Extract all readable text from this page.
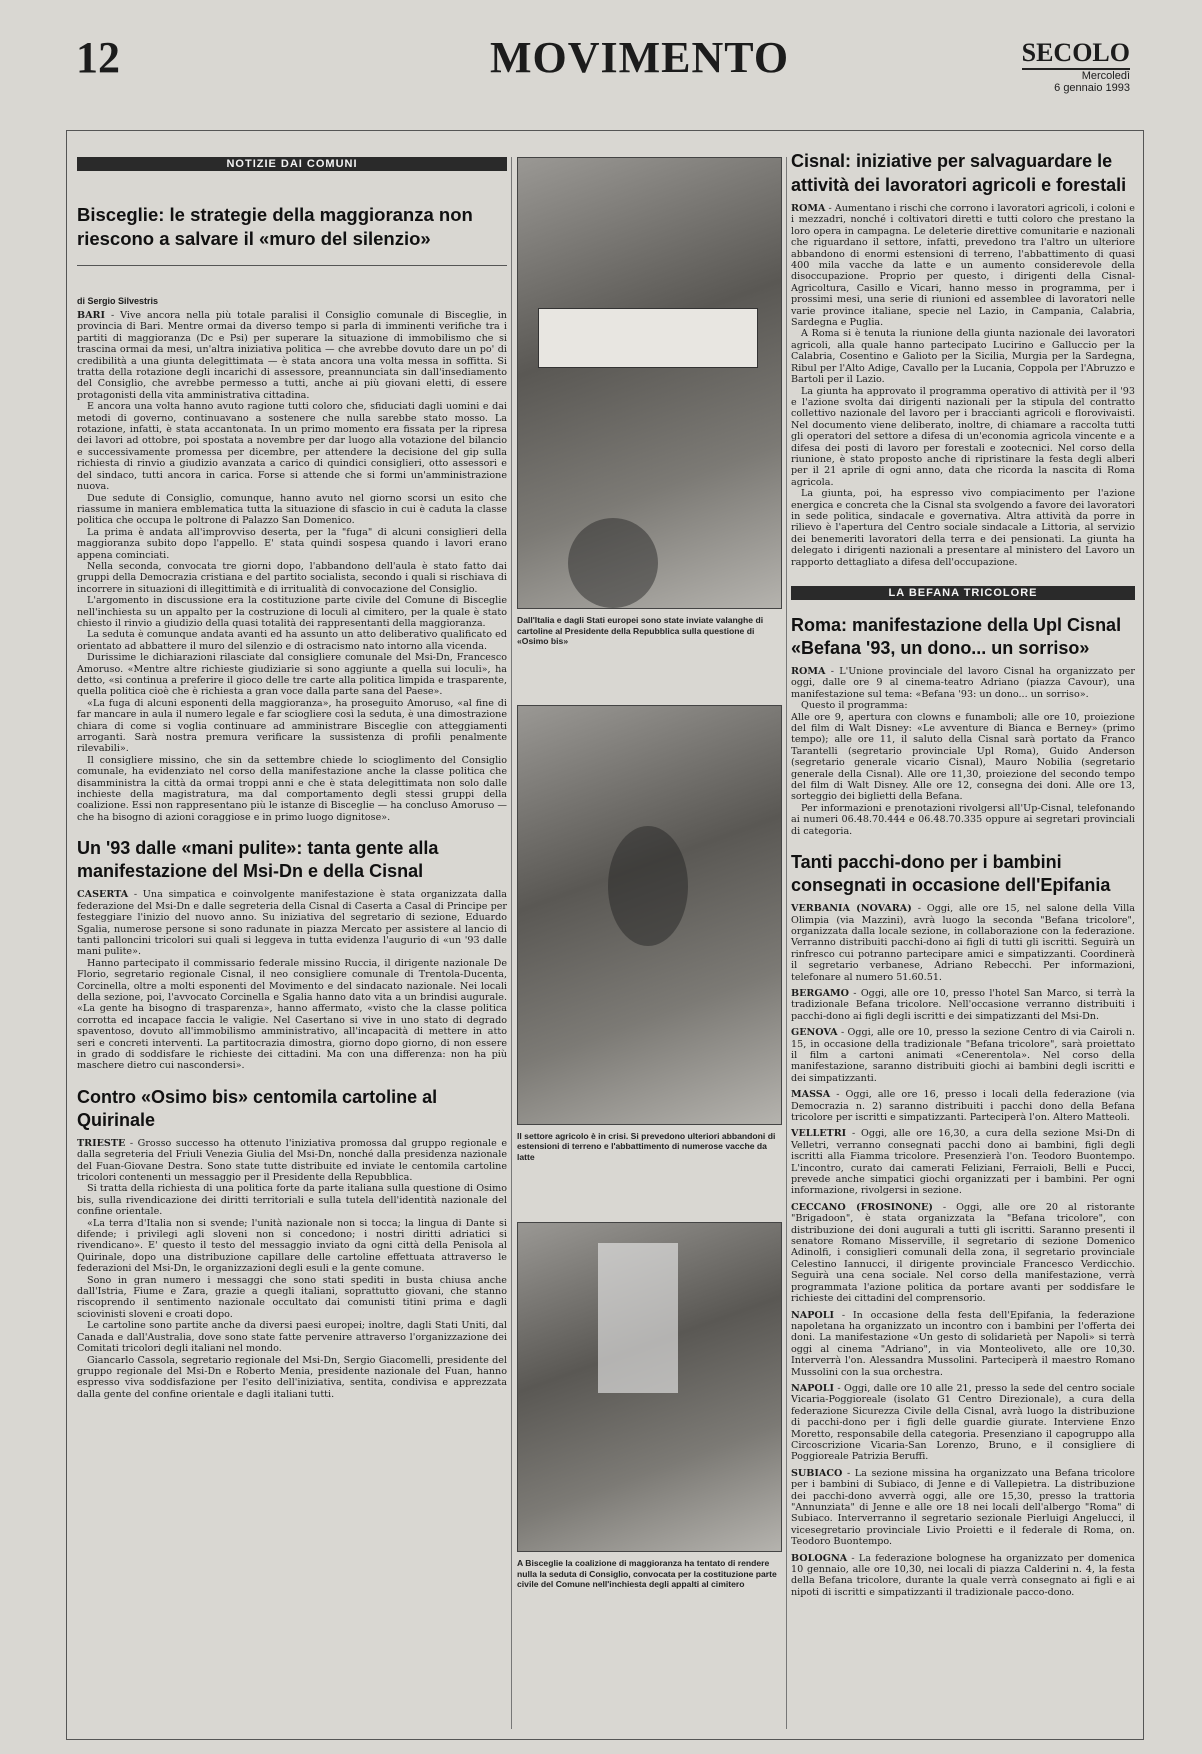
12	MOVIMENTO	SECOLO
Mercoledì
6 gennaio 1993
NOTIZIE DAI COMUNI
Bisceglie: le strategie della maggioranza non riescono a salvare il «muro del silenzio»
di Sergio Silvestris

BARI - Vive ancora nella più totale paralisi il Consiglio comunale di Bisceglie, in provincia di Bari. Mentre ormai da diverso tempo si parla di imminenti verifiche tra i partiti di maggioranza (Dc e Psi) per superare la situazione di immobilismo che si trascina ormai da mesi, un'altra iniziativa politica — che avrebbe dovuto dare un po' di credibilità a una giunta delegittimata — è stata ancora una volta messa in soffitta. Si tratta della rotazione degli incarichi di assessore, preannunciata sin dall'insediamento del Consiglio, che avrebbe permesso a tutti, anche ai più giovani eletti, di essere protagonisti della vita amministrativa cittadina.

E ancora una volta hanno avuto ragione tutti coloro che, sfiduciati dagli uomini e dai metodi di governo, continuavano a sostenere che nulla sarebbe stato mosso. La rotazione, infatti, è stata accantonata. In un primo momento era fissata per la ripresa dei lavori ad ottobre, poi spostata a novembre per dar luogo alla votazione del bilancio e successivamente promessa per dicembre, per attendere la decisione del gip sulla richiesta di rinvio a giudizio avanzata a carico di quindici consiglieri, otto assessori e del sindaco, tutti ancora in carica. Forse si attende che si formi un'amministrazione nuova.

Due sedute di Consiglio, comunque, hanno avuto nel giorno scorsi un esito che riassume in maniera emblematica tutta la situazione di sfascio in cui è caduta la classe politica che occupa le poltrone di Palazzo San Domenico.

La prima è andata all'improvviso deserta, per la "fuga" di alcuni consiglieri della maggioranza subito dopo l'appello. E' stata quindi sospesa quando i lavori erano appena cominciati.

Nella seconda, convocata tre giorni dopo, l'abbandono dell'aula è stato fatto dai gruppi della Democrazia cristiana e del partito socialista, secondo i quali si rischiava di incorrere in situazioni di illegittimità e di irritualità di convocazione del Consiglio.

L'argomento in discussione era la costituzione parte civile del Comune di Bisceglie nell'inchiesta su un appalto per la costruzione di loculi al cimitero, per la quale è stato chiesto il rinvio a giudizio della quasi totalità dei rappresentanti della maggioranza.

La seduta è comunque andata avanti ed ha assunto un atto deliberativo qualificato ed orientato ad abbattere il muro del silenzio e di ostracismo nato intorno alla vicenda.

Durissime le dichiarazioni rilasciate dal consigliere comunale del Msi-Dn, Francesco Amoruso. «Mentre altre richieste giudiziarie si sono aggiunte a quella sui loculi», ha detto, «si continua a preferire il gioco delle tre carte alla politica limpida e trasparente, quella politica cioè che è richiesta a gran voce dalla parte sana del Paese».

«La fuga di alcuni esponenti della maggioranza», ha proseguito Amoruso, «al fine di far mancare in aula il numero legale e far sciogliere così la seduta, è una dimostrazione chiara di come si voglia continuare ad amministrare Bisceglie con atteggiamenti arroganti. Sarà nostra premura verificare la sussistenza di profili penalmente rilevabili».

Il consigliere missino, che sin da settembre chiede lo scioglimento del Consiglio comunale, ha evidenziato nel corso della manifestazione anche la classe politica che disamministra la città da ormai troppi anni e che è stata delegittimata non solo dalle inchieste della magistratura, ma dal comportamento degli stessi gruppi della coalizione. Essi non rappresentano più le istanze di Bisceglie — ha concluso Amoruso — che ha bisogno di azioni coraggiose e in primo luogo dignitose».

Un '93 dalle «mani pulite»: tanta gente alla manifestazione del Msi-Dn e della Cisnal

CASERTA - Una simpatica e coinvolgente manifestazione è stata organizzata dalla federazione del Msi-Dn e dalle segreteria della Cisnal di Caserta a Casal di Principe per festeggiare l'inizio del nuovo anno. Su iniziativa del segretario di sezione, Eduardo Sgalia, numerose persone si sono radunate in piazza Mercato per assistere al lancio di tanti palloncini tricolori sui quali si leggeva in tutta evidenza l'augurio di «un '93 dalle mani pulite».

Hanno partecipato il commissario federale missino Ruccia, il dirigente nazionale De Florio, segretario regionale Cisnal, il neo consigliere comunale di Trentola-Ducenta, Corcinella, oltre a molti esponenti del Movimento e del sindacato nazionale. Nei locali della sezione, poi, l'avvocato Corcinella e Sgalia hanno dato vita a un brindisi augurale. «La gente ha bisogno di trasparenza», hanno affermato, «visto che la classe politica corrotta ed incapace faccia le valigie. Nel Casertano si vive in uno stato di degrado spaventoso, dovuto all'immobilismo amministrativo, all'incapacità di mettere in atto seri e concreti interventi. La partitocrazia dimostra, giorno dopo giorno, di non essere in grado di soddisfare le richieste dei cittadini. Ma con una differenza: non ha più maschere dietro cui nascondersi».

Contro «Osimo bis» centomila cartoline al Quirinale

TRIESTE - Grosso successo ha ottenuto l'iniziativa promossa dal gruppo regionale e dalla segreteria del Friuli Venezia Giulia del Msi-Dn, nonché dalla presidenza nazionale del Fuan-Giovane Destra. Sono state tutte distribuite ed inviate le centomila cartoline tricolori contenenti un messaggio per il Presidente della Repubblica.

Si tratta della richiesta di una politica forte da parte italiana sulla questione di Osimo bis, sulla rivendicazione dei diritti territoriali e sulla tutela dell'identità nazionale del confine orientale.

«La terra d'Italia non si svende; l'unità nazionale non si tocca; la lingua di Dante si difende; i privilegi agli sloveni non si concedono; i nostri diritti adriatici si rivendicano». E' questo il testo del messaggio inviato da ogni città della Penisola al Quirinale, dopo una distribuzione capillare delle cartoline effettuata attraverso le federazioni del Msi-Dn, le organizzazioni degli esuli e la gente comune.

Sono in gran numero i messaggi che sono stati spediti in busta chiusa anche dall'Istria, Fiume e Zara, grazie a quegli italiani, soprattutto giovani, che stanno riscoprendo il sentimento nazionale occultato dai comunisti titini prima e dagli sciovinisti sloveni e croati dopo.

Le cartoline sono partite anche da diversi paesi europei; inoltre, dagli Stati Uniti, dal Canada e dall'Australia, dove sono state fatte pervenire attraverso l'organizzazione dei Comitati tricolori degli italiani nel mondo.

Giancarlo Cassola, segretario regionale del Msi-Dn, Sergio Giacomelli, presidente del gruppo regionale del Msi-Dn e Roberto Menia, presidente nazionale del Fuan, hanno espresso viva soddisfazione per l'esito dell'iniziativa, sentita, condivisa e apprezzata dalla gente del confine orientale e dagli italiani tutti.

Dall'Italia e dagli Stati europei sono state inviate valanghe di cartoline al Presidente della Repubblica sulla questione di «Osimo bis»
Il settore agricolo è in crisi. Si prevedono ulteriori abbandoni di estensioni di terreno e l'abbattimento di numerose vacche da latte
A Bisceglie la coalizione di maggioranza ha tentato di rendere nulla la seduta di Consiglio, convocata per la costituzione parte civile del Comune nell'inchiesta degli appalti al cimitero
Cisnal: iniziative per salvaguardare le attività dei lavoratori agricoli e forestali

ROMA - Aumentano i rischi che corrono i lavoratori agricoli, i coloni e i mezzadri, nonché i coltivatori diretti e tutti coloro che prestano la loro opera in campagna. Le deleterie direttive comunitarie e nazionali che riguardano il settore, infatti, prevedono tra l'altro un ulteriore abbandono di enormi estensioni di terreno, l'abbattimento di quasi 400 mila vacche da latte e un aumento considerevole della disoccupazione. Proprio per questo, i dirigenti della Cisnal-Agricoltura, Casillo e Vicari, hanno messo in programma, per i prossimi mesi, una serie di riunioni ed assemblee di lavoratori nelle varie province italiane, specie nel Lazio, in Campania, Calabria, Sardegna e Puglia.

A Roma si è tenuta la riunione della giunta nazionale dei lavoratori agricoli, alla quale hanno partecipato Lucirino e Galluccio per la Calabria, Cosentino e Galioto per la Sicilia, Murgia per la Sardegna, Ribul per l'Alto Adige, Cavallo per la Lucania, Coppola per l'Abruzzo e Bartoli per il Lazio.

La giunta ha approvato il programma operativo di attività per il '93 e l'azione svolta dai dirigenti nazionali per la stipula del contratto collettivo nazionale del lavoro per i braccianti agricoli e florovivaisti. Nel documento viene deliberato, inoltre, di chiamare a raccolta tutti gli operatori del settore a difesa di un'economia agricola vincente e a difesa dei posti di lavoro per forestali e zootecnici. Nel corso della riunione, è stato proposto anche di ripristinare la festa degli alberi per il 21 aprile di ogni anno, data che ricorda la nascita di Roma agricola.

La giunta, poi, ha espresso vivo compiacimento per l'azione energica e concreta che la Cisnal sta svolgendo a favore dei lavoratori in sede politica, sindacale e governativa. Altra attività da porre in rilievo è l'apertura del Centro sociale sindacale a Littoria, al servizio dei benemeriti lavoratori della terra e dei pensionati. La giunta ha delegato i dirigenti nazionali a presentare al ministero del Lavoro un rapporto dettagliato a difesa dell'occupazione.

LA BEFANA TRICOLORE
Roma: manifestazione della Upl Cisnal «Befana '93, un dono... un sorriso»

ROMA - L'Unione provinciale del lavoro Cisnal ha organizzato per oggi, dalle ore 9 al cinema-teatro Adriano (piazza Cavour), una manifestazione sul tema: «Befana '93: un dono... un sorriso».

Questo il programma:

Alle ore 9, apertura con clowns e funamboli; alle ore 10, proiezione del film di Walt Disney: «Le avventure di Bianca e Berney» (primo tempo); alle ore 11, il saluto della Cisnal sarà portato da Franco Tarantelli (segretario provinciale Upl Roma), Guido Anderson (segretario generale vicario Cisnal), Mauro Nobilia (segretario generale della Cisnal). Alle ore 11,30, proiezione del secondo tempo del film di Walt Disney. Alle ore 12, consegna dei doni. Alle ore 13, sorteggio dei biglietti della Befana.

Per informazioni e prenotazioni rivolgersi all'Up-Cisnal, telefonando ai numeri 06.48.70.444 e 06.48.70.335 oppure ai segretari provinciali di categoria.

Tanti pacchi-dono per i bambini consegnati in occasione dell'Epifania

VERBANIA (NOVARA) - Oggi, alle ore 15, nel salone della Villa Olimpia (via Mazzini), avrà luogo la seconda "Befana tricolore", organizzata dalla locale sezione, in collaborazione con la federazione. Verranno distribuiti pacchi-dono ai figli di tutti gli iscritti. Seguirà un rinfresco cui potranno partecipare amici e simpatizzanti. Coordinerà il segretario verbanese, Adriano Rebecchi. Per informazioni, telefonare al numero 51.60.51.

BERGAMO - Oggi, alle ore 10, presso l'hotel San Marco, si terrà la tradizionale Befana tricolore. Nell'occasione verranno distribuiti i pacchi-dono ai figli degli iscritti e dei simpatizzanti del Msi-Dn.

GENOVA - Oggi, alle ore 10, presso la sezione Centro di via Cairoli n. 15, in occasione della tradizionale "Befana tricolore", sarà proiettato il film a cartoni animati «Cenerentola». Nel corso della manifestazione, saranno distribuiti giochi ai bambini degli iscritti e dei simpatizzanti.

MASSA - Oggi, alle ore 16, presso i locali della federazione (via Democrazia n. 2) saranno distribuiti i pacchi dono della Befana tricolore per iscritti e simpatizzanti. Parteciperà l'on. Altero Matteoli.

VELLETRI - Oggi, alle ore 16,30, a cura della sezione Msi-Dn di Velletri, verranno consegnati pacchi dono ai bambini, figli degli iscritti alla Fiamma tricolore. Presenzierà l'on. Teodoro Buontempo. L'incontro, curato dai camerati Feliziani, Ferraioli, Belli e Pucci, prevede anche simpatici giochi organizzati per i bambini. Per ogni informazione, rivolgersi in sezione.

CECCANO (FROSINONE) - Oggi, alle ore 20 al ristorante "Brigadoon", è stata organizzata la "Befana tricolore", con distribuzione dei doni augurali a tutti gli iscritti. Saranno presenti il senatore Romano Misserville, il segretario di sezione Domenico Adinolfi, i consiglieri comunali della zona, il segretario provinciale Celestino Iannucci, il dirigente provinciale Francesco Verdicchio. Seguirà una cena sociale. Nel corso della manifestazione, verrà programmata l'azione politica da portare avanti per soddisfare le richieste dei cittadini del comprensorio.

NAPOLI - In occasione della festa dell'Epifania, la federazione napoletana ha organizzato un incontro con i bambini per l'offerta dei doni. La manifestazione «Un gesto di solidarietà per Napoli» si terrà oggi al cinema "Adriano", in via Monteoliveto, alle ore 10,30. Interverrà l'on. Alessandra Mussolini. Parteciperà il maestro Romano Mussolini con la sua orchestra.

NAPOLI - Oggi, dalle ore 10 alle 21, presso la sede del centro sociale Vicaria-Poggioreale (isolato G1 Centro Direzionale), a cura della federazione Sicurezza Civile della Cisnal, avrà luogo la distribuzione di pacchi-dono per i figli delle guardie giurate. Interviene Enzo Moretto, responsabile della categoria. Presenziano il capogruppo alla Circoscrizione Vicaria-San Lorenzo, Bruno, e il consigliere di Poggioreale Patrizia Beruffi.

SUBIACO - La sezione missina ha organizzato una Befana tricolore per i bambini di Subiaco, di Jenne e di Vallepietra. La distribuzione dei pacchi-dono avverrà oggi, alle ore 15,30, presso la trattoria "Annunziata" di Jenne e alle ore 18 nei locali dell'albergo "Roma" di Subiaco. Interverranno il segretario sezionale Pierluigi Angelucci, il vicesegretario provinciale Livio Proietti e il federale di Roma, on. Teodoro Buontempo.

BOLOGNA - La federazione bolognese ha organizzato per domenica 10 gennaio, alle ore 10,30, nei locali di piazza Calderini n. 4, la festa della Befana tricolore, durante la quale verrà consegnato ai figli e ai nipoti di iscritti e simpatizzanti il tradizionale pacco-dono.
